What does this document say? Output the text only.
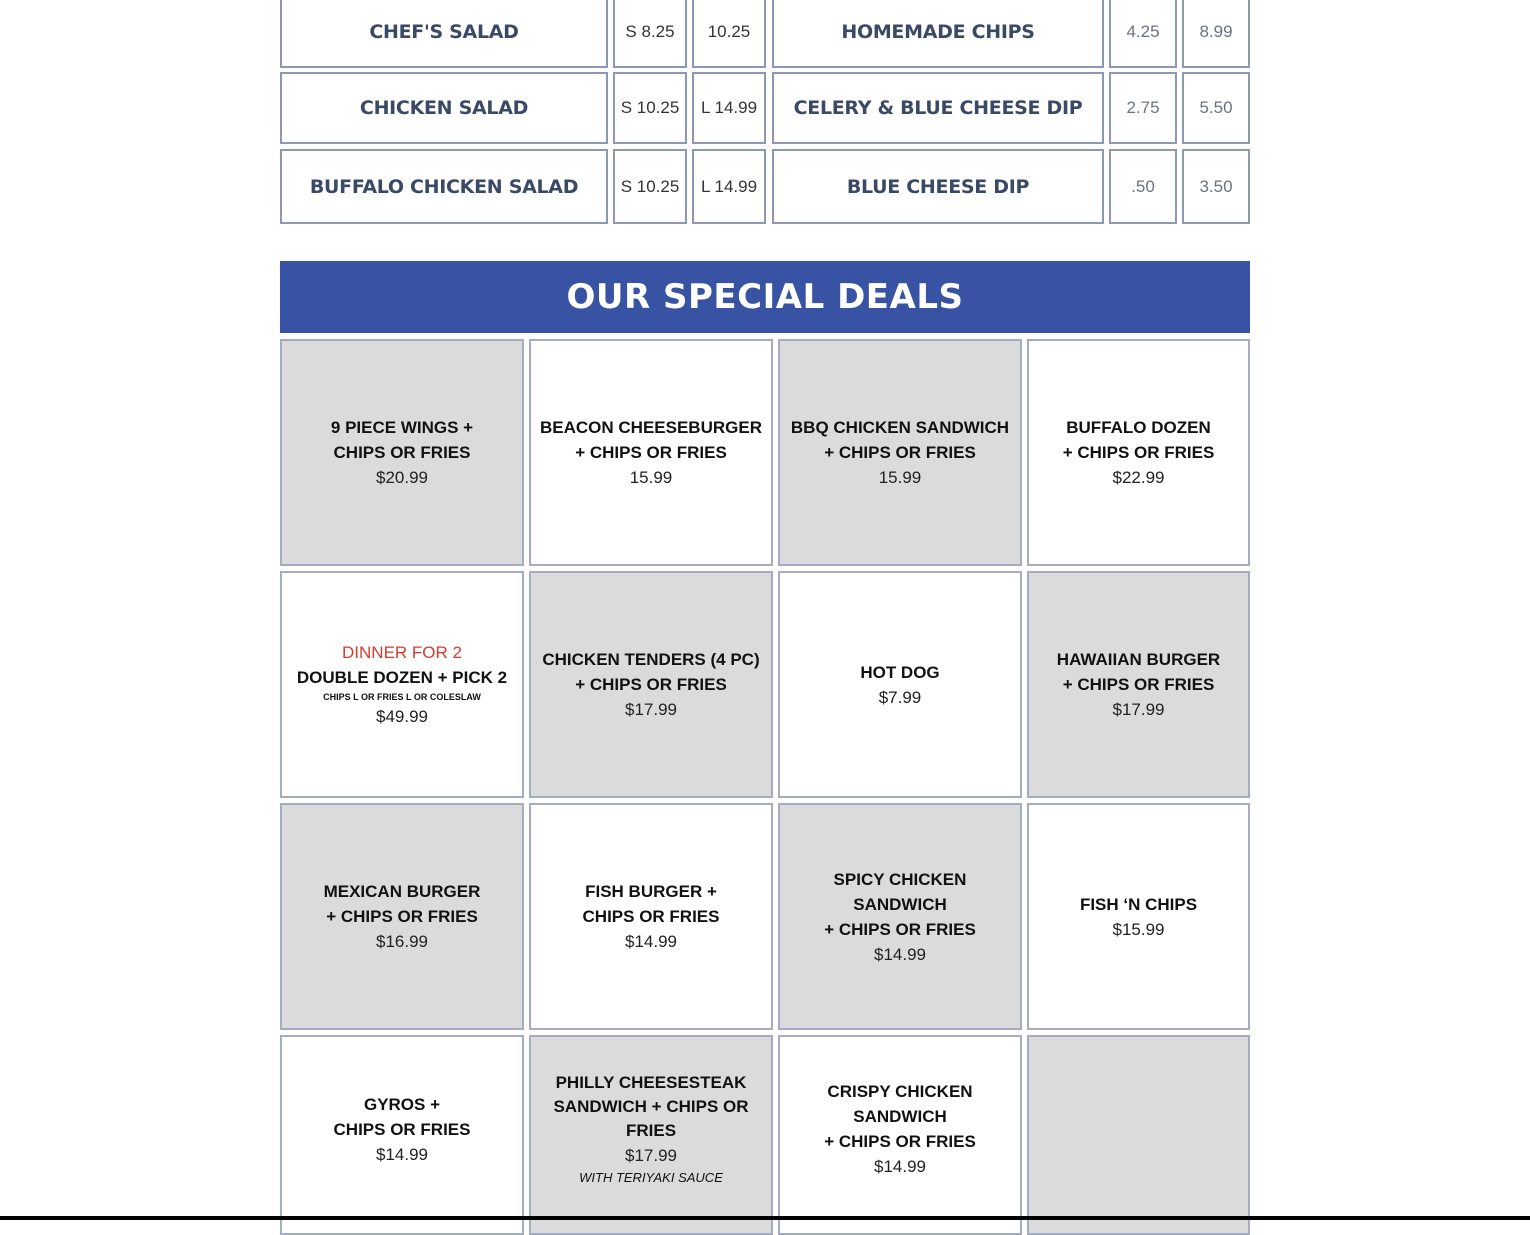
CHEF'S SALAD	S 8.25 10.25	HOMEMADE CHIPS	4.25 8.99
CHICKEN SALAD	S 10.25 L 14.99 CELERY & BLUE CHEESE DIP	2.75 5.50
BUFFALO CHICKEN SALAD	S 10.25 L 14.99	BLUE CHEESE DIP	.50	3.50
OUR SPECIAL DEALS
9 PIECE WINGS +
CHIPS OR FRIES
$20.99
BEACON CHEESEBURGER
+ CHIPS OR FRIES
15.99
BBQ CHICKEN SANDWICH
+ CHIPS OR FRIES
15.99
BUFFALO DOZEN
+ CHIPS OR FRIES
$22.99
DINNER FOR 2
DOUBLE DOZEN + PICK 2
CHIPS L OR FRIES L OR COLESLAW
$49.99
CHICKEN TENDERS (4 PC)
+ CHIPS OR FRIES
$17.99
HOT DOG
$7.99
HAWAIIAN BURGER
+ CHIPS OR FRIES
$17.99
MEXICAN BURGER
+ CHIPS OR FRIES
$16.99
FISH BURGER +
CHIPS OR FRIES
$14.99
SPICY CHICKEN
SANDWICH
+ CHIPS OR FRIES
$14.99
FISH ‘N CHIPS
$15.99
GYROS +
CHIPS OR FRIES
$14.99
PHILLY CHEESESTEAK
SANDWICH + CHIPS OR
FRIES
$17.99
WITH TERIYAKI SAUCE
CRISPY CHICKEN
SANDWICH
+ CHIPS OR FRIES
$14.99
